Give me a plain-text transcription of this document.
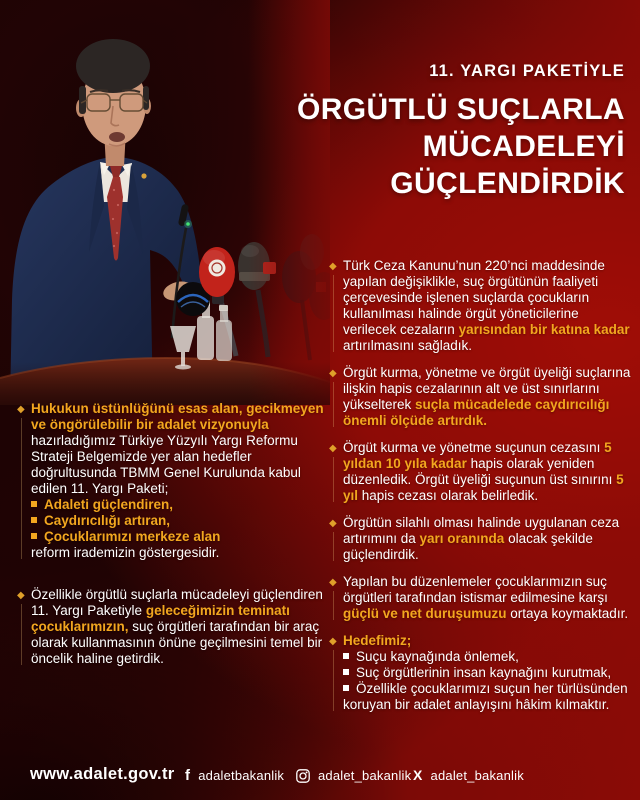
11. YARGI PAKETİYLE
ÖRGÜTLÜ SUÇLARLA
MÜCADELEYİ
GÜÇLENDİRDİK
◆ Hukukun üstünlüğünü esas alan, gecikmeyen ve öngörülebilir bir adalet vizyonuyla hazırladığımız Türkiye Yüzyılı Yargı Reformu Strateji Belgemizde yer alan hedefler doğrultusunda TBMM Genel Kurulunda kabul edilen 11. Yargı Paketi;
Adaleti güçlendiren,
Caydırıcılığı artıran,
Çocuklarımızı merkeze alan
reform irademizin göstergesidir.
◆ Özellikle örgütlü suçlarla mücadeleyi güçlendiren 11. Yargı Paketiyle geleceğimizin teminatı çocuklarımızın, suç örgütleri tarafından bir araç olarak kullanmasının önüne geçilmesini temel bir öncelik haline getirdik.
◆ Türk Ceza Kanunu’nun 220’nci maddesinde yapılan değişiklikle, suç örgütünün faaliyeti çerçevesinde işlenen suçlarda çocukların kullanılması halinde örgüt yöneticilerine verilecek cezaların yarısından bir katına kadar artırılmasını sağladık.
◆ Örgüt kurma, yönetme ve örgüt üyeliği suçlarına ilişkin hapis cezalarının alt ve üst sınırlarını yükselterek suçla mücadelede caydırıcılığı önemli ölçüde artırdık.
◆ Örgüt kurma ve yönetme suçunun cezasını 5 yıldan 10 yıla kadar hapis olarak yeniden düzenledik. Örgüt üyeliği suçunun üst sınırını 5 yıl hapis cezası olarak belirledik.
◆ Örgütün silahlı olması halinde uygulanan ceza artırımını da yarı oranında olacak şekilde güçlendirdik.
◆ Yapılan bu düzenlemeler çocuklarımızın suç örgütleri tarafından istismar edilmesine karşı güçlü ve net duruşumuzu ortaya koymaktadır.
◆ Hedefimiz;
Suçu kaynağında önlemek,
Suç örgütlerinin insan kaynağını kurutmak,
Özellikle çocuklarımızı suçun her türlüsünden koruyan bir adalet anlayışını hâkim kılmaktır.
www.adalet.gov.tr f adaletbakanlik	adalet_bakanlik X adalet_bakanlik
